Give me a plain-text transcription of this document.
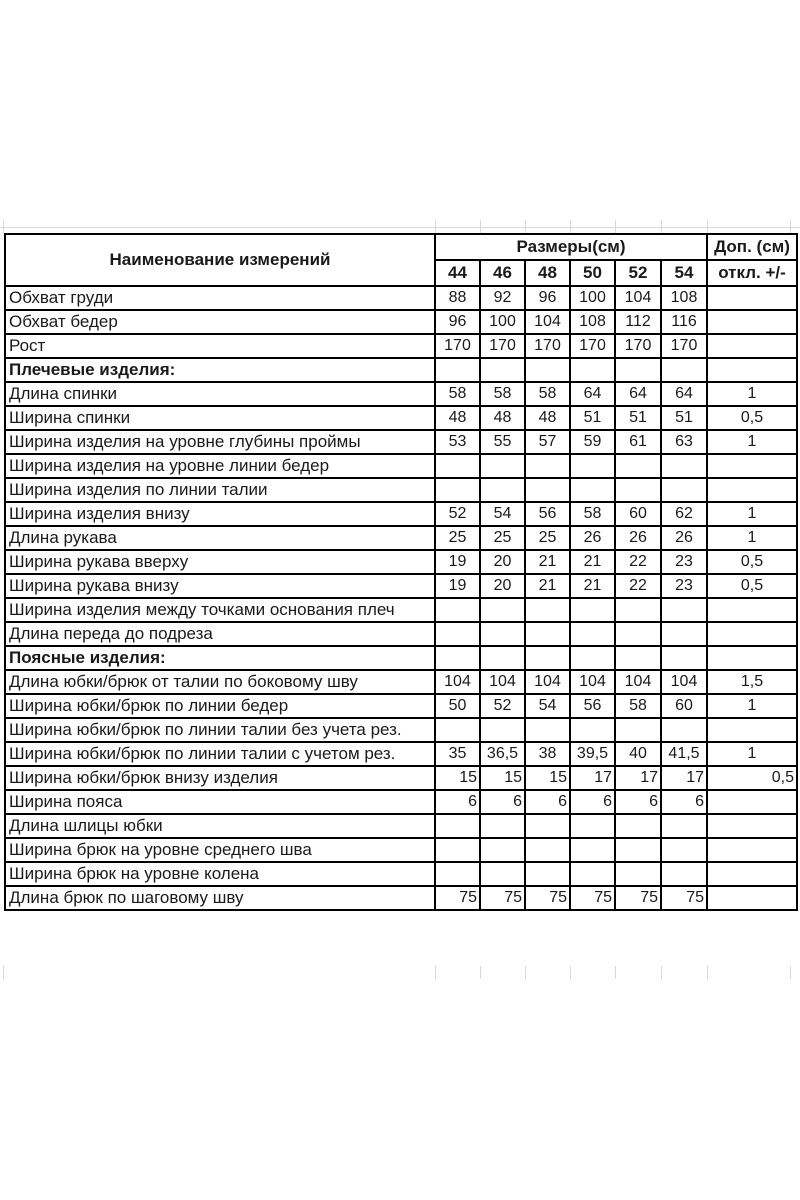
Наименование измерений	Размеры(см)						Доп. (см)
	44	46	48	50	52	54	откл. +/-
Обхват груди	88	92	96	100	104	108	
Обхват бедер	96	100	104	108	112	116	
Рост	170	170	170	170	170	170	
Плечевые изделия:							
Длина спинки	58	58	58	64	64	64	1
Ширина спинки	48	48	48	51	51	51	0,5
Ширина изделия на уровне глубины проймы	53	55	57	59	61	63	1
Ширина изделия на уровне линии бедер							
Ширина изделия по линии талии							
Ширина изделия внизу	52	54	56	58	60	62	1
Длина рукава	25	25	25	26	26	26	1
Ширина рукава вверху	19	20	21	21	22	23	0,5
Ширина рукава внизу	19	20	21	21	22	23	0,5
Ширина изделия между точками основания плеч							
Длина переда до подреза							
Поясные изделия:							
Длина юбки/брюк от талии по боковому шву	104	104	104	104	104	104	1,5
Ширина юбки/брюк по линии бедер	50	52	54	56	58	60	1
Ширина юбки/брюк по линии талии без учета рез.							
Ширина юбки/брюк по линии талии с учетом рез.	35	36,5	38	39,5	40	41,5	1
Ширина юбки/брюк внизу изделия	15	15	15	17	17	17	0,5
Ширина пояса	6	6	6	6	6	6	
Длина шлицы юбки							
Ширина брюк на уровне среднего шва							
Ширина брюк на уровне колена							
Длина брюк по шаговому шву	75	75	75	75	75	75	
